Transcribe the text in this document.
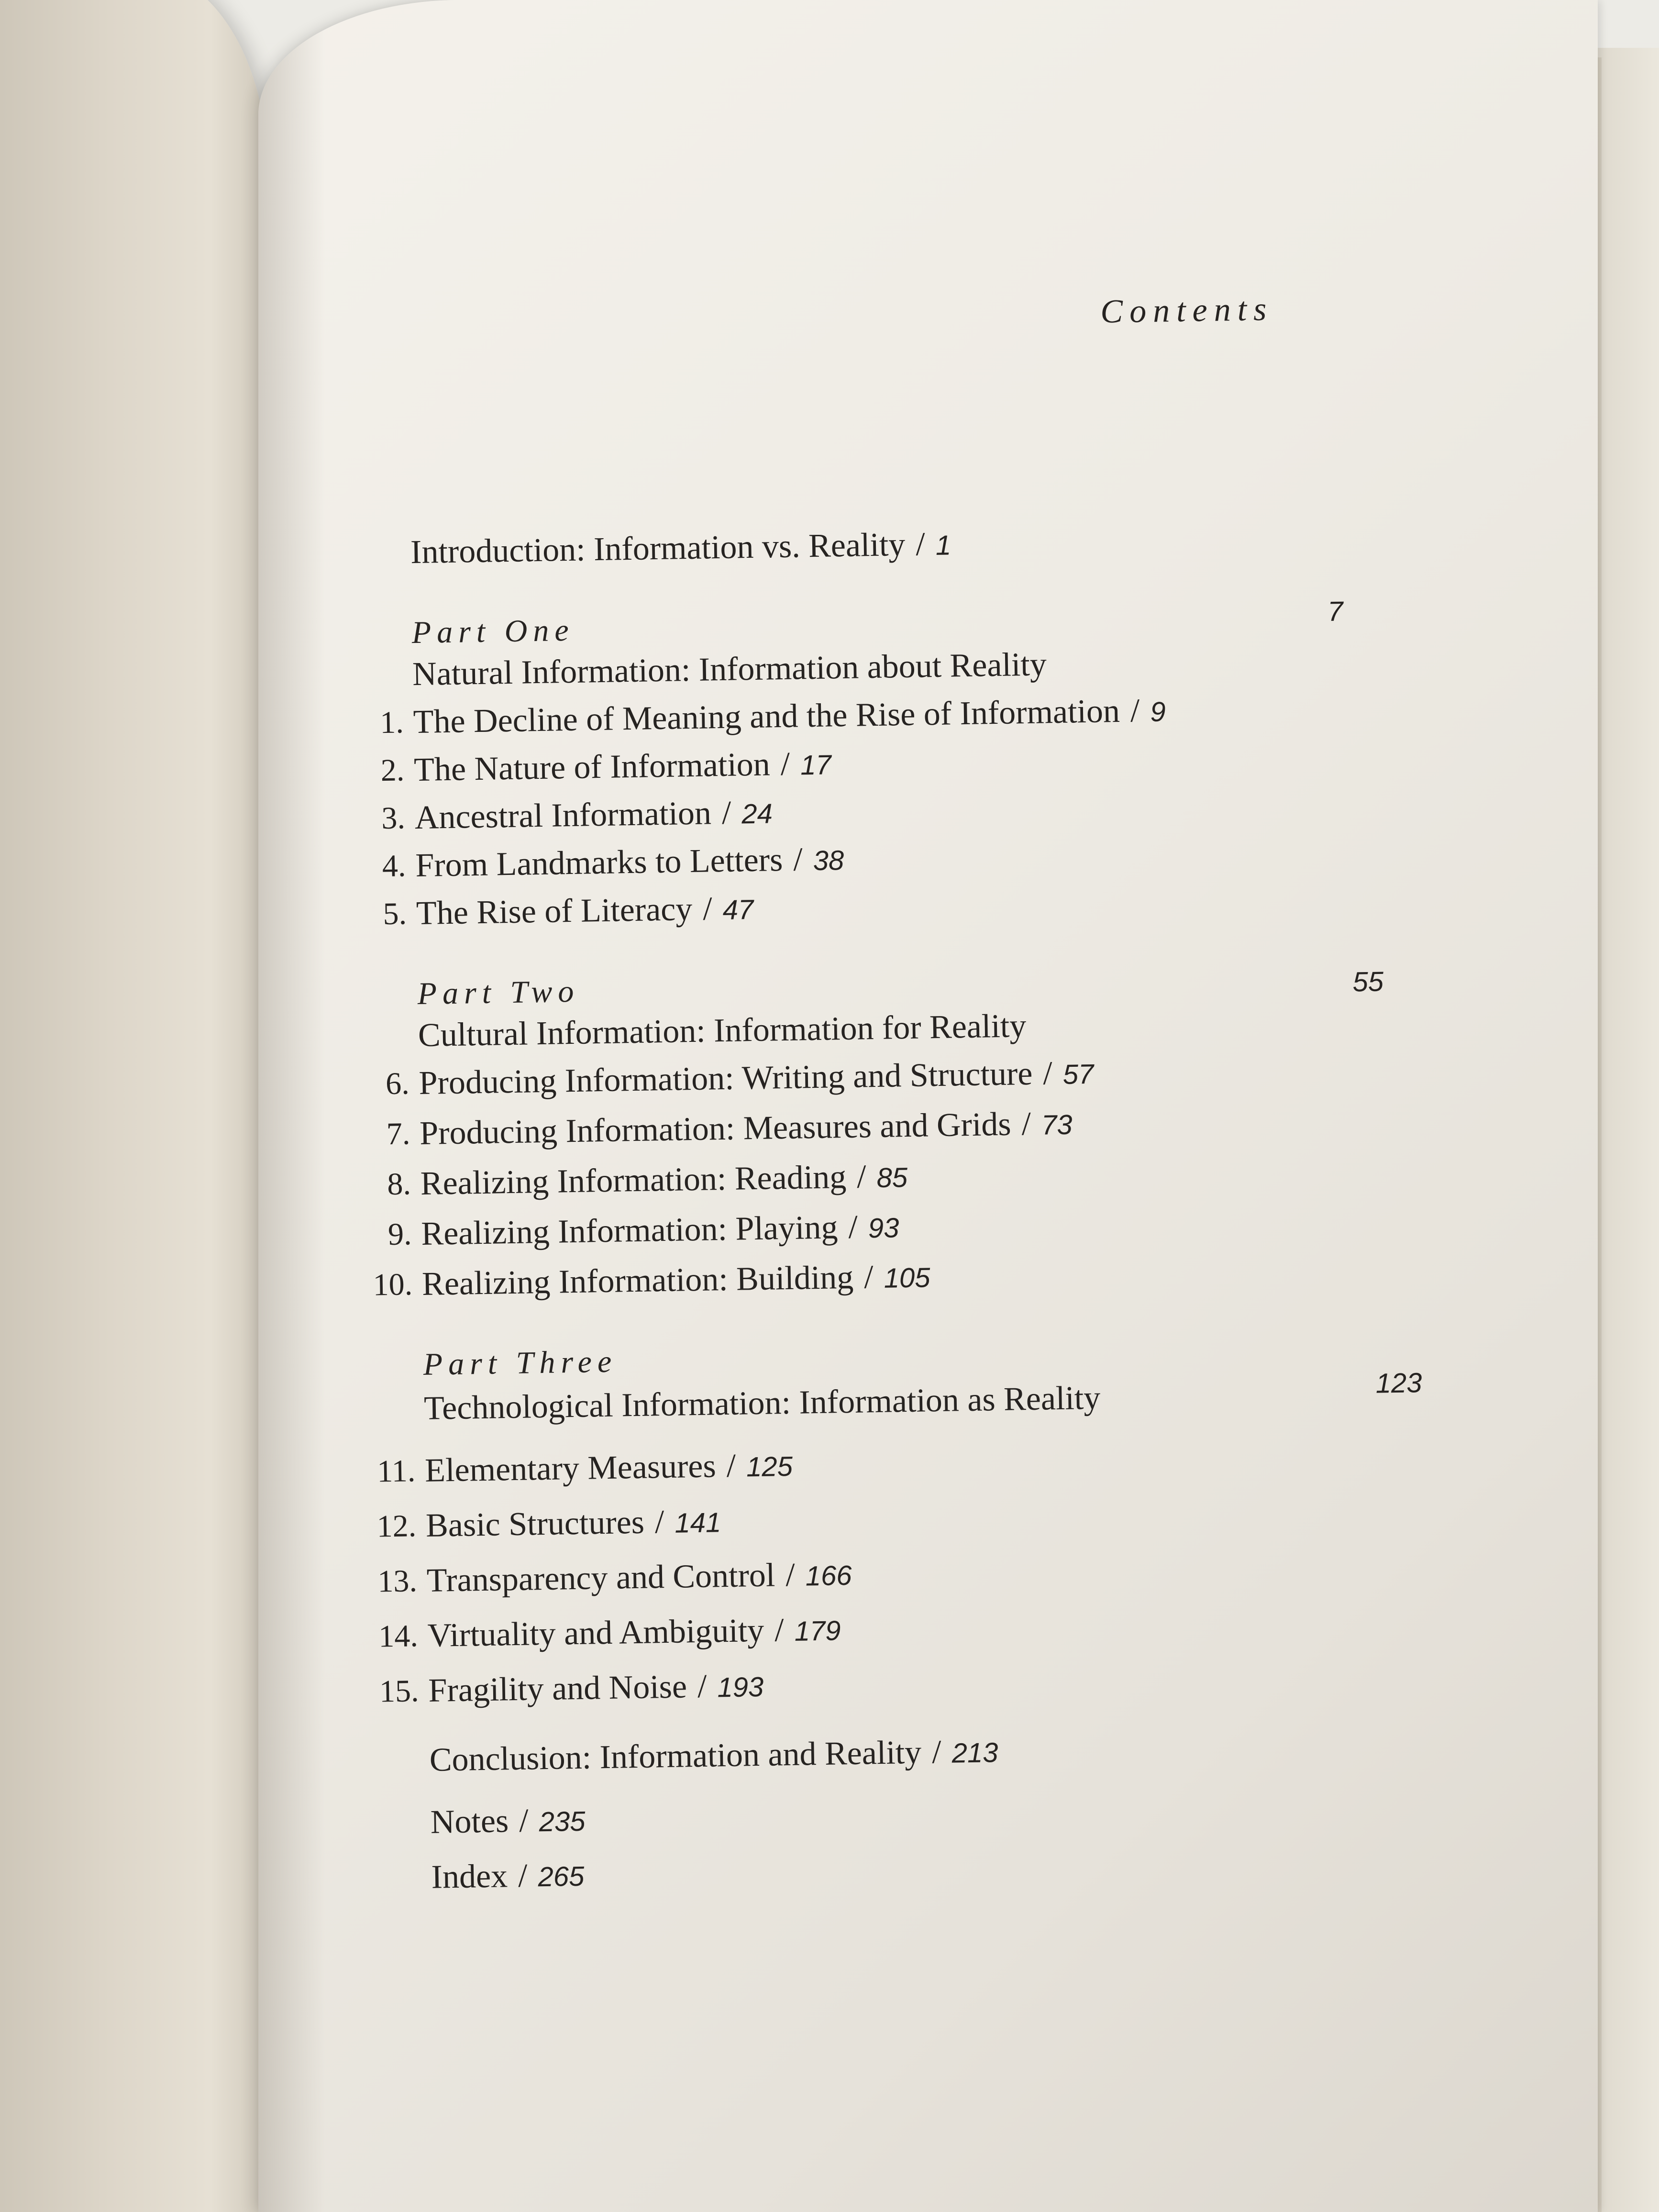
Contents
Introduction: Information vs. Reality / 1
Part One
7
Natural Information: Information about Reality
1. The Decline of Meaning and the Rise of Information / 9
2. The Nature of Information / 17
3. Ancestral Information / 24
4. From Landmarks to Letters / 38
5. The Rise of Literacy / 47
Part Two	55
Cultural Information: Information for Reality
6. Producing Information: Writing and Structure / 57
7. Producing Information: Measures and Grids / 73
8. Realizing Information: Reading / 85
9. Realizing Information: Playing / 93
10. Realizing Information: Building / 105
Part Three
123
Technological Information: Information as Reality
11. Elementary Measures / 125
12. Basic Structures / 141
13. Transparency and Control / 166
14. Virtuality and Ambiguity / 179
15. Fragility and Noise / 193
Conclusion: Information and Reality / 213
Notes / 235
Index / 265
